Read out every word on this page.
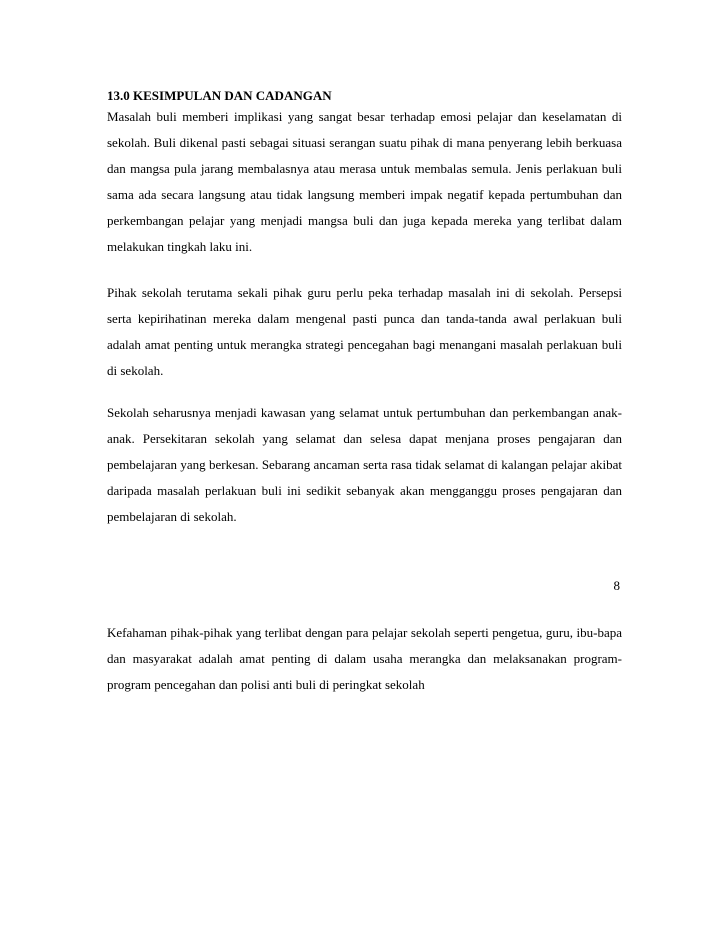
13.0 KESIMPULAN DAN CADANGAN

Masalah buli memberi implikasi yang sangat besar terhadap emosi pelajar dan keselamatan di sekolah. Buli dikenal pasti sebagai situasi serangan suatu pihak di mana penyerang lebih berkuasa dan mangsa pula jarang membalasnya atau merasa untuk membalas semula. Jenis perlakuan buli sama ada secara langsung atau tidak langsung memberi impak negatif kepada pertumbuhan dan perkembangan pelajar yang menjadi mangsa buli dan juga kepada mereka yang terlibat dalam melakukan tingkah laku ini.

Pihak sekolah terutama sekali pihak guru perlu peka terhadap masalah ini di sekolah. Persepsi serta kepirihatinan mereka dalam mengenal pasti punca dan tanda-tanda awal perlakuan buli adalah amat penting untuk merangka strategi pencegahan bagi menangani masalah perlakuan buli di sekolah.

Sekolah seharusnya menjadi kawasan yang selamat untuk pertumbuhan dan perkembangan anak-anak. Persekitaran sekolah yang selamat dan selesa dapat menjana proses pengajaran dan pembelajaran yang berkesan. Sebarang ancaman serta rasa tidak selamat di kalangan pelajar akibat daripada masalah perlakuan buli ini sedikit sebanyak akan mengganggu proses pengajaran dan pembelajaran di sekolah.

8

Kefahaman pihak-pihak yang terlibat dengan para pelajar sekolah seperti pengetua, guru, ibu-bapa dan masyarakat adalah amat penting di dalam usaha merangka dan melaksanakan program-program pencegahan dan polisi anti buli di peringkat sekolah
